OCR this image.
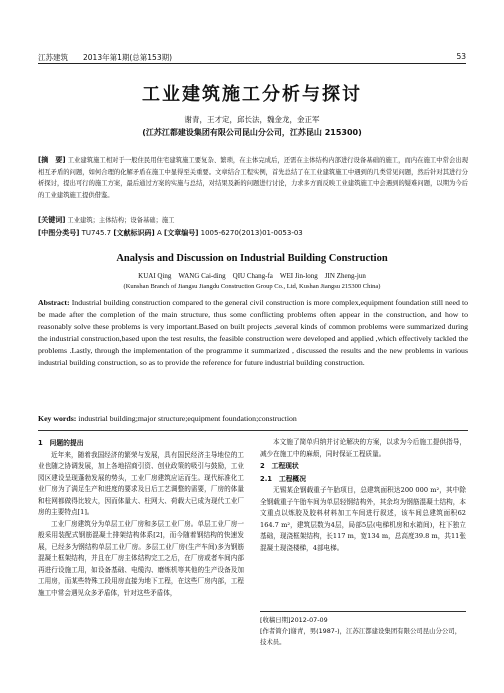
江苏建筑　　2013年第1期(总第153期)	53
工业建筑施工分析与探讨
谢青，王才定，邱长法，魏金龙，金正军
(江苏江都建设集团有限公司昆山分公司，江苏昆山 215300)
[摘　要] 工业建筑施工相对于一般住民用住宅建筑施工要复杂、繁琐，在主体完成后，还需在主体结构内部进行设备基础的施工，而内在施工中常会出现相互矛盾的问题，如何合理的化解矛盾在施工中显得至关重要。文章结合工程实例，首先总结了在工业建筑施工中遇到的几类常见问题，然后针对其进行分析探讨，提出可行的施工方案，最后通过方案的实施与总结，对结果及新的问题进行讨论，力求多方面反映工业建筑施工中会遇到的疑难问题，以期为今后的工业建筑施工提供借鉴。
[关键词] 工业建筑；主体结构；设备基础；施工
[中图分类号] TU745.7 [文献标识码] A [文章编号] 1005-6270(2013)01-0053-03
Analysis and Discussion on Industrial Building Construction
KUAI Qing　WANG Cai-ding　QIU Chang-fa　WEI Jin-long　JIN Zheng-jun
(Kunshan Branch of Jiangsu Jiangdu Construction Group Co., Ltd, Kushan Jiangsu 215300 China)
Abstract: Industrial building construction compared to the general civil construction is more complex,equipment foundation still need to be made after the completion of the main structure, thus some conflicting problems often appear in the construction, and how to reasonably solve these problems is very important.Based on built projects ,several kinds of common problems were summarized during the industrial construction,based upon the test results, the feasible construction were developed and applied ,which effectively tackled the problems .Lastly, through the implementation of the programme it summarized , discussed the results and the new problems in various industrial building construction, so as to provide the reference for future industrial building construction.
Key words: industrial building;major structure;equipment foundation;construction
1　问题的提出

近年来，随着我国经济的繁荣与发展，具有国民经济主导地位的工业也随之协调发展，加上各地招商引资、创业政策的吸引与鼓励，工业园区建设呈现蓬勃发展的势头，工业厂房建筑应运而生。现代标准化工业厂房为了满足生产和进度的要求及日后工艺调整的需要，厂房的体量和柱网都做得比较大，因而体量大、柱网大、荷载大已成为现代工业厂房的主要特点[1]。

工业厂房建筑分为单层工业厂房和多层工业厂房。单层工业厂房一般采用装配式钢筋混凝土排架结构体系[2]，而今随着钢结构的快速发展，已经多为钢结构单层工业厂房。多层工业厂房(生产车间)多为钢筋混凝土框架结构，并且在厂房主体结构完工之后，在厂房或者车间内部再进行设施工用，如设备基础、电缆沟、磨炼机等其他的生产设备及加工用房，而某些特殊工段用房直接为地下工程，在这些厂房内部，工程施工中常会遇见众多矛盾体，针对这些矛盾体，

本文施了简单归纳并讨论解决的方案，以求为今后施工提供指导，减少在施工中的麻烦，同时保证工程质量。

2　工程现状
2.1　工程概况

无锡某企钢载重子午胎项目，总建筑面积达200 000 m²，其中除全钢载重子午胎车间为单层轻钢结构外，其余均为钢筋混凝土结构，本文重点以炼胶及胶料材料加工车间进行叙述，该车间总建筑面积62 164.7 m²，建筑层数为4层，局部5层(电梯机房和水箱间)，柱下独立基础，现浇框架结构，长117 m，宽134 m，总高度39.8 m，共11张混凝土现浇楼梯，4部电梯。

[收稿日期]2012-07-09
[作者简介]谢青，男(1987-)，江苏江都建设集团有限公司昆山分公司，技术员。
